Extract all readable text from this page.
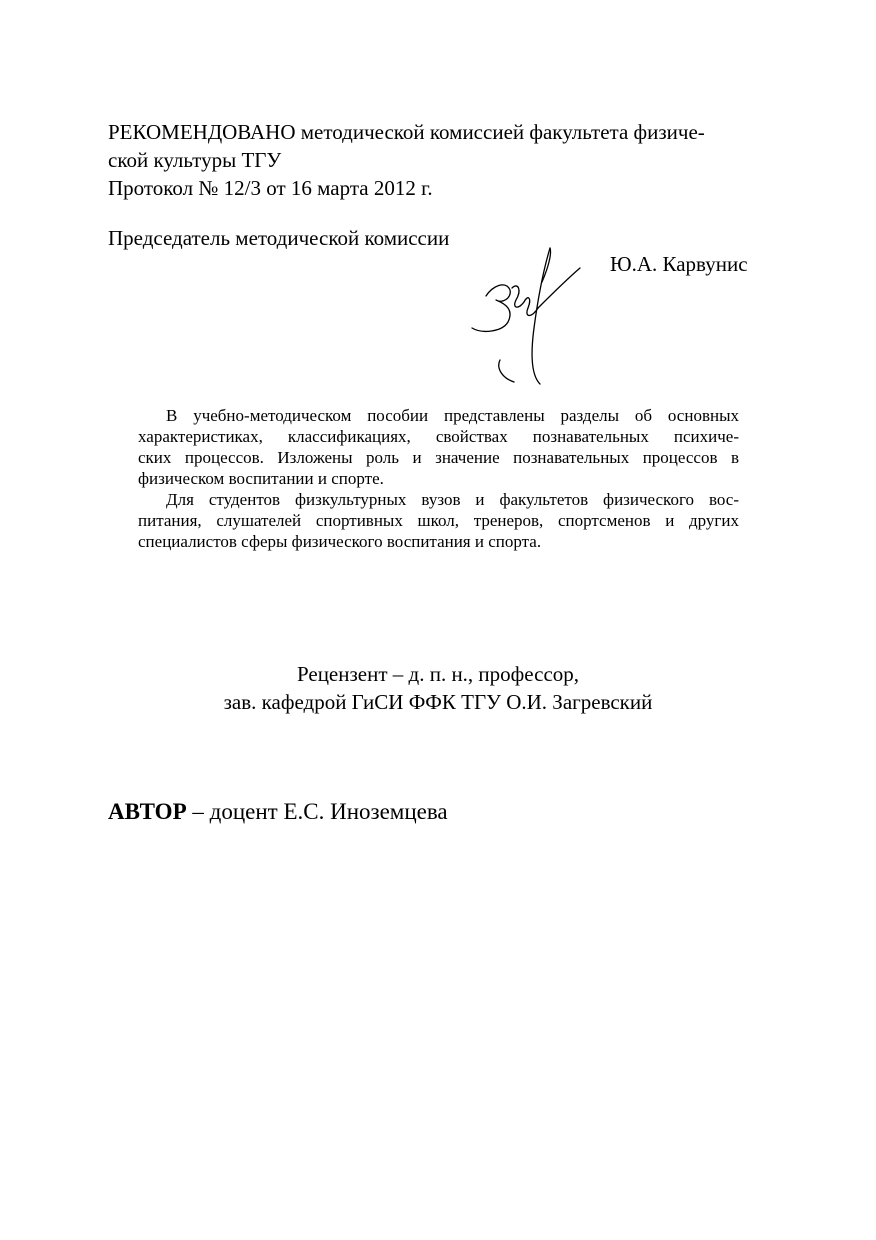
РЕКОМЕНДОВАНО методической комиссией факультета физиче-
ской культуры ТГУ
Протокол № 12/3 от 16 марта 2012 г.
Председатель методической комиссии
Ю.А. Карвунис

В учебно-методическом пособии представлены разделы об основных
характеристиках, классификациях, свойствах познавательных психиче-
ских процессов. Изложены роль и значение познавательных процессов в
физическом воспитании и спорте.

Для студентов физкультурных вузов и факультетов физического вос-
питания, слушателей спортивных школ, тренеров, спортсменов и других
специалистов сферы физического воспитания и спорта.

Рецензент – д. п. н., профессор,
зав. кафедрой ГиСИ ФФК ТГУ О.И. Загревский
АВТОР – доцент Е.С. Иноземцева
